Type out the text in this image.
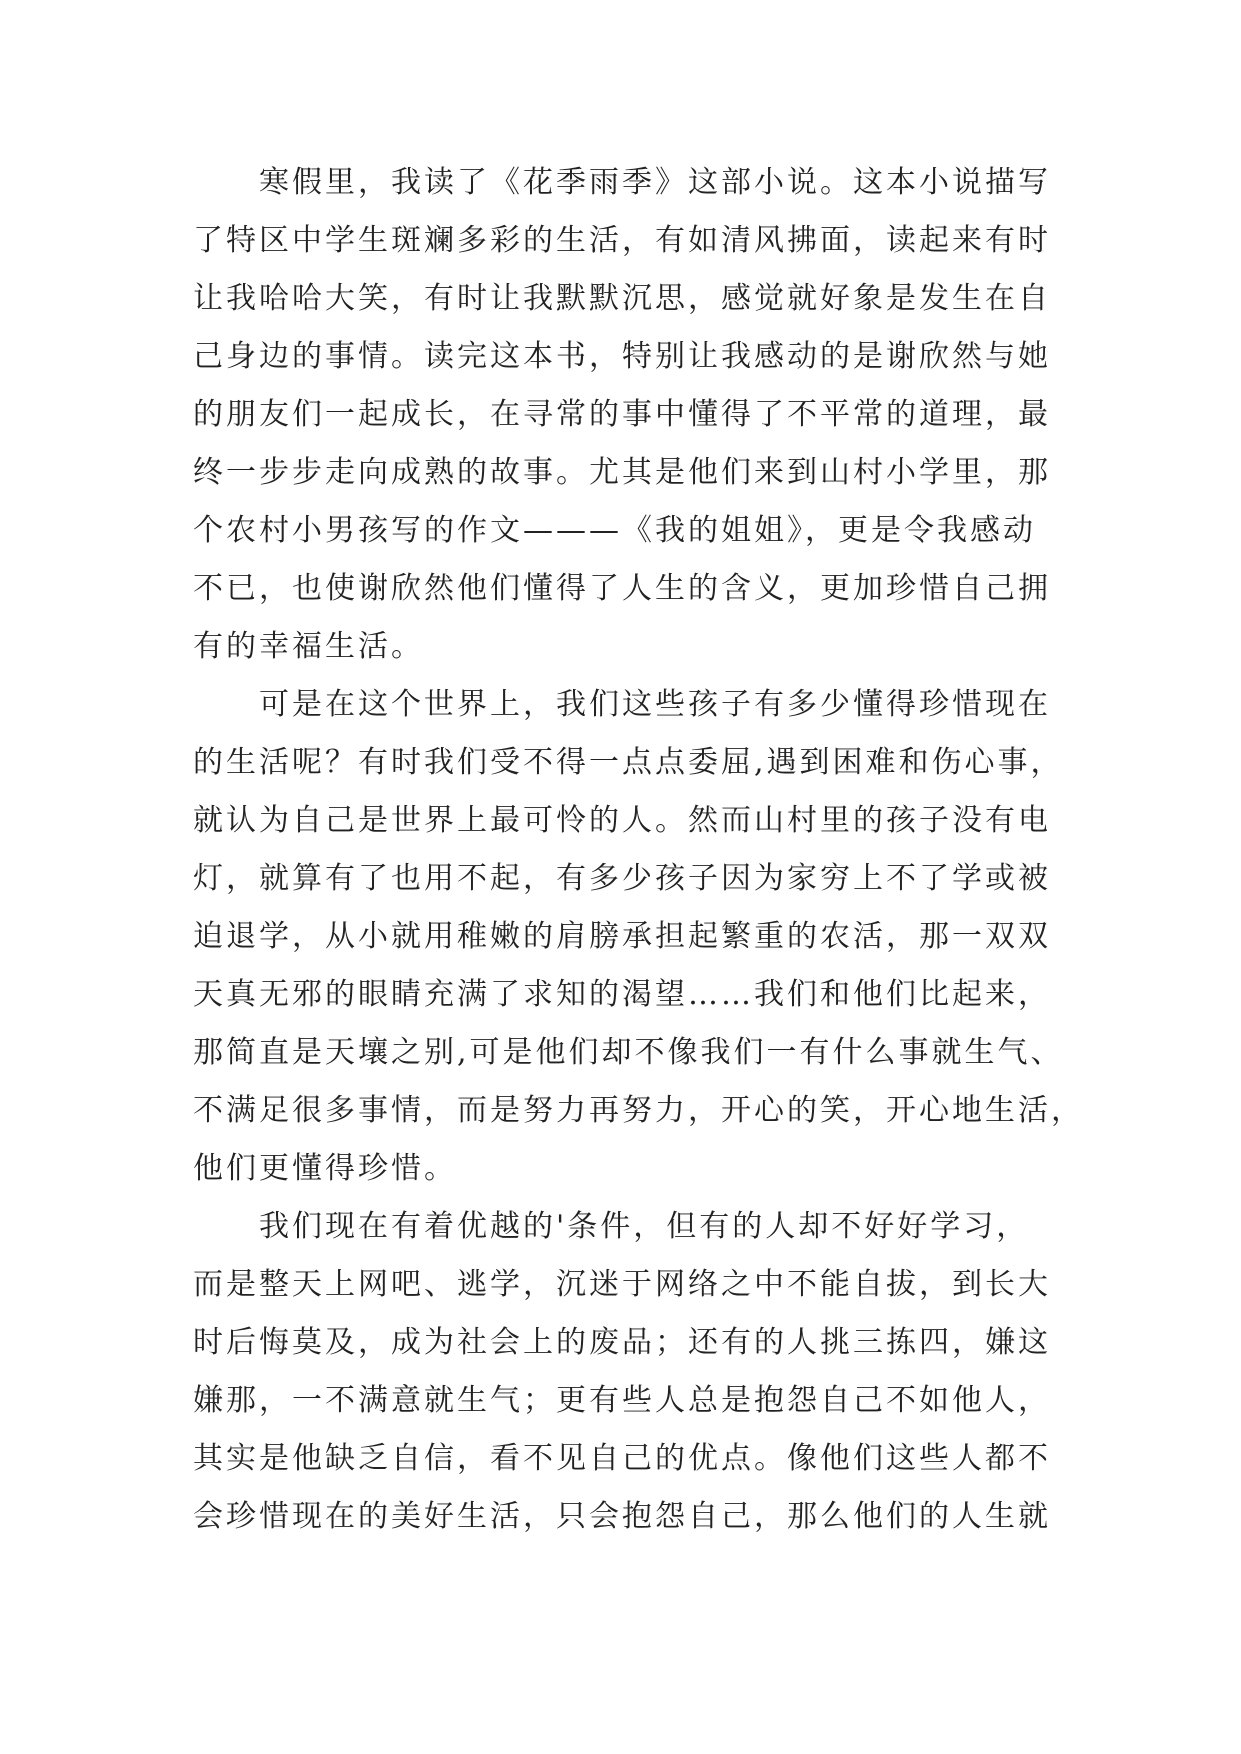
寒假里，我读了《花季雨季》这部小说。这本小说描写
了特区中学生斑斓多彩的生活，有如清风拂面，读起来有时
让我哈哈大笑，有时让我默默沉思，感觉就好象是发生在自
己身边的事情。读完这本书，特别让我感动的是谢欣然与她
的朋友们一起成长，在寻常的事中懂得了不平常的道理，最
终一步步走向成熟的故事。尤其是他们来到山村小学里，那
个农村小男孩写的作文———《我的姐姐》，更是令我感动
不已，也使谢欣然他们懂得了人生的含义，更加珍惜自己拥
有的幸福生活。
可是在这个世界上，我们这些孩子有多少懂得珍惜现在
的生活呢？有时我们受不得一点点委屈,遇到困难和伤心事，
就认为自己是世界上最可怜的人。然而山村里的孩子没有电
灯，就算有了也用不起，有多少孩子因为家穷上不了学或被
迫退学，从小就用稚嫩的肩膀承担起繁重的农活，那一双双
天真无邪的眼睛充满了求知的渴望……我们和他们比起来，
那简直是天壤之别,可是他们却不像我们一有什么事就生气、
不满足很多事情，而是努力再努力，开心的笑，开心地生活，
他们更懂得珍惜。
我们现在有着优越的'条件，但有的人却不好好学习，
而是整天上网吧、逃学，沉迷于网络之中不能自拔，到长大
时后悔莫及，成为社会上的废品；还有的人挑三拣四，嫌这
嫌那，一不满意就生气；更有些人总是抱怨自己不如他人，
其实是他缺乏自信，看不见自己的优点。像他们这些人都不
会珍惜现在的美好生活，只会抱怨自己，那么他们的人生就
